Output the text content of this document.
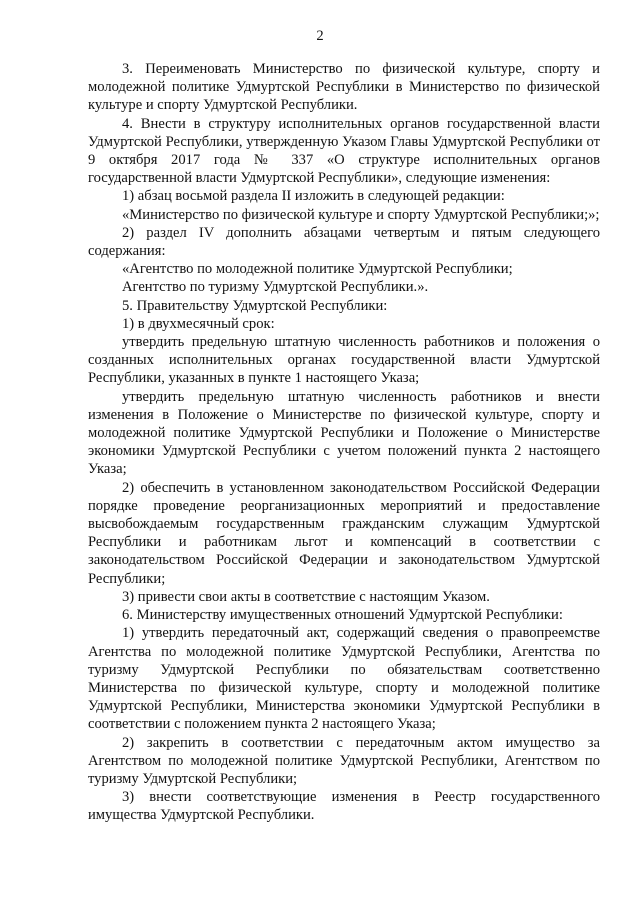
2

3. Переименовать Министерство по физической культуре, спорту и молодежной политике Удмуртской Республики в Министерство по физической культуре и спорту Удмуртской Республики.

4. Внести в структуру исполнительных органов государственной власти Удмуртской Республики, утвержденную Указом Главы Удмуртской Республики от 9 октября 2017 года № 337 «О структуре исполнительных органов государственной власти Удмуртской Республики», следующие изменения:

1) абзац восьмой раздела II изложить в следующей редакции:

«Министерство по физической культуре и спорту Удмуртской Республики;»;

2) раздел IV дополнить абзацами четвертым и пятым следующего содержания:

«Агентство по молодежной политике Удмуртской Республики;

Агентство по туризму Удмуртской Республики.».

5. Правительству Удмуртской Республики:

1) в двухмесячный срок:

утвердить предельную штатную численность работников и положения о созданных исполнительных органах государственной власти Удмуртской Республики, указанных в пункте 1 настоящего Указа;

утвердить предельную штатную численность работников и внести изменения в Положение о Министерстве по физической культуре, спорту и молодежной политике Удмуртской Республики и Положение о Министерстве экономики Удмуртской Республики с учетом положений пункта 2 настоящего Указа;

2) обеспечить в установленном законодательством Российской Федерации порядке проведение реорганизационных мероприятий и предоставление высвобождаемым государственным гражданским служащим Удмуртской Республики и работникам льгот и компенсаций в соответствии с законодательством Российской Федерации и законодательством Удмуртской Республики;

3) привести свои акты в соответствие с настоящим Указом.

6. Министерству имущественных отношений Удмуртской Республики:

1) утвердить передаточный акт, содержащий сведения о правопреемстве Агентства по молодежной политике Удмуртской Республики, Агентства по туризму Удмуртской Республики по обязательствам соответственно Министерства по физической культуре, спорту и молодежной политике Удмуртской Республики, Министерства экономики Удмуртской Республики в соответствии с положением пункта 2 настоящего Указа;

2) закрепить в соответствии с передаточным актом имущество за Агентством по молодежной политике Удмуртской Республики, Агентством по туризму Удмуртской Республики;

3) внести соответствующие изменения в Реестр государственного имущества Удмуртской Республики.
